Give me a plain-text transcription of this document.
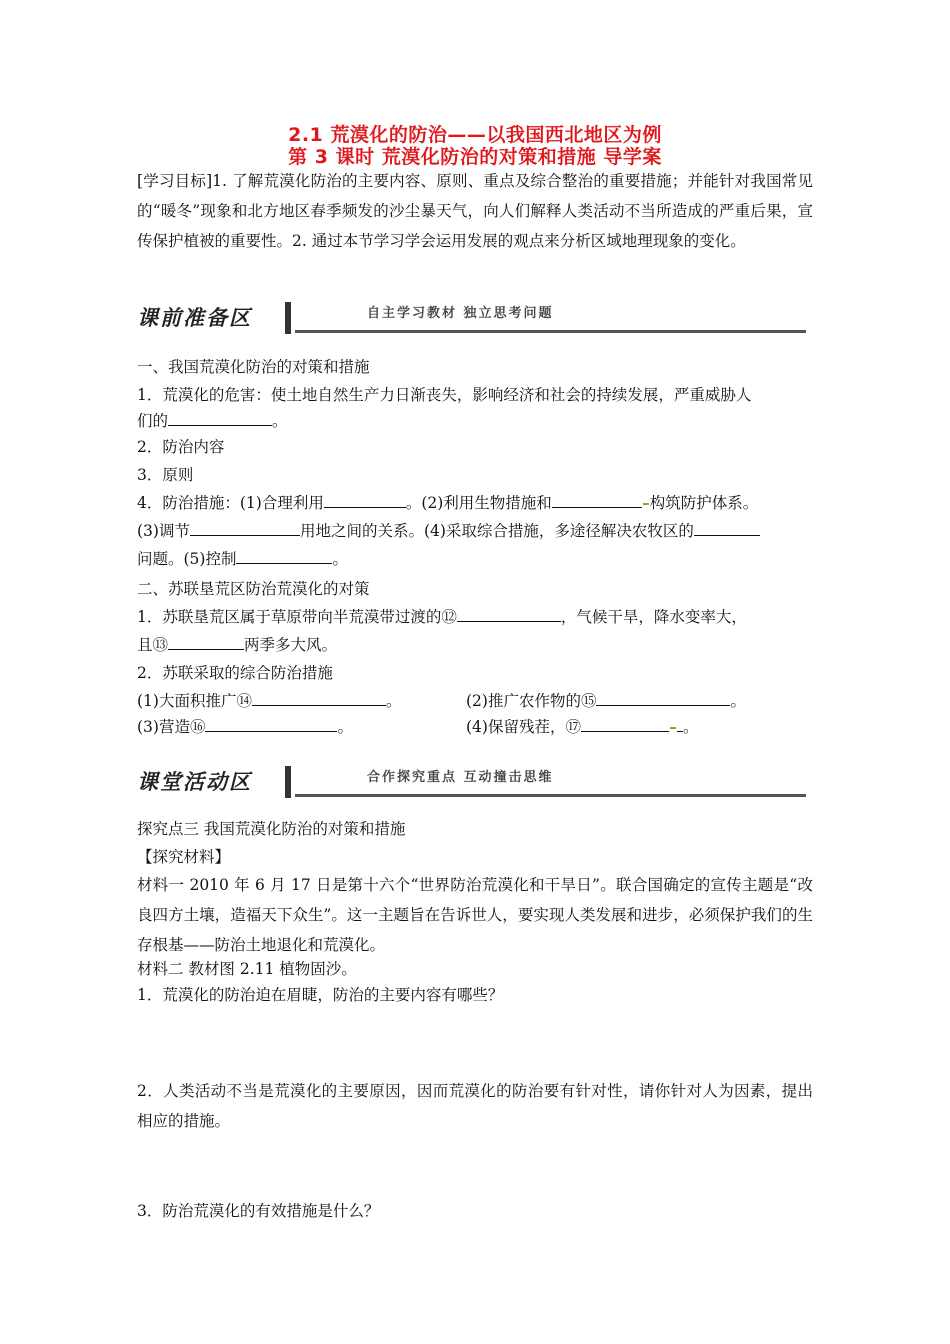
2.1 荒漠化的防治——以我国西北地区为例
第 3 课时 荒漠化防治的对策和措施 导学案
[学习目标]1. 了解荒漠化防治的主要内容、原则、重点及综合整治的重要措施；并能针对我国常见的“暖冬”现象和北方地区春季频发的沙尘暴天气，向人们解释人类活动不当所造成的严重后果，宣传保护植被的重要性。2. 通过本节学习学会运用发展的观点来分析区域地理现象的变化。
课前准备区	自主学习教材 独立思考问题
一、我国荒漠化防治的对策和措施
1．荒漠化的危害：使土地自然生产力日渐丧失，影响经济和社会的持续发展，严重威胁人
们的	。
2．防治内容
3．原则
4．防治措施：(1)合理利用	。(2)利用生物措施和	构筑防护体系。
(3)调节	用地之间的关系。(4)采取综合措施，多途径解决农牧区的
问题。(5)控制	。
二、苏联垦荒区防治荒漠化的对策
1．苏联垦荒区属于草原带向半荒漠带过渡的⑫	，气候干旱，降水变率大，
且⑬	两季多大风。
2．苏联采取的综合防治措施
(1)大面积推广⑭	。	(2)推广农作物的⑮	。
(3)营造⑯	。	(4)保留残茬，⑰	。
课堂活动区	合作探究重点 互动撞击思维
探究点三 我国荒漠化防治的对策和措施
【探究材料】
材料一 2010 年 6 月 17 日是第十六个“世界防治荒漠化和干旱日”。联合国确定的宣传主题是“改良四方土壤，造福天下众生”。这一主题旨在告诉世人，要实现人类发展和进步，必须保护我们的生存根基——防治土地退化和荒漠化。
材料二 教材图 2.11 植物固沙。
1．荒漠化的防治迫在眉睫，防治的主要内容有哪些？
2．人类活动不当是荒漠化的主要原因，因而荒漠化的防治要有针对性，请你针对人为因素，提出相应的措施。
3．防治荒漠化的有效措施是什么？
